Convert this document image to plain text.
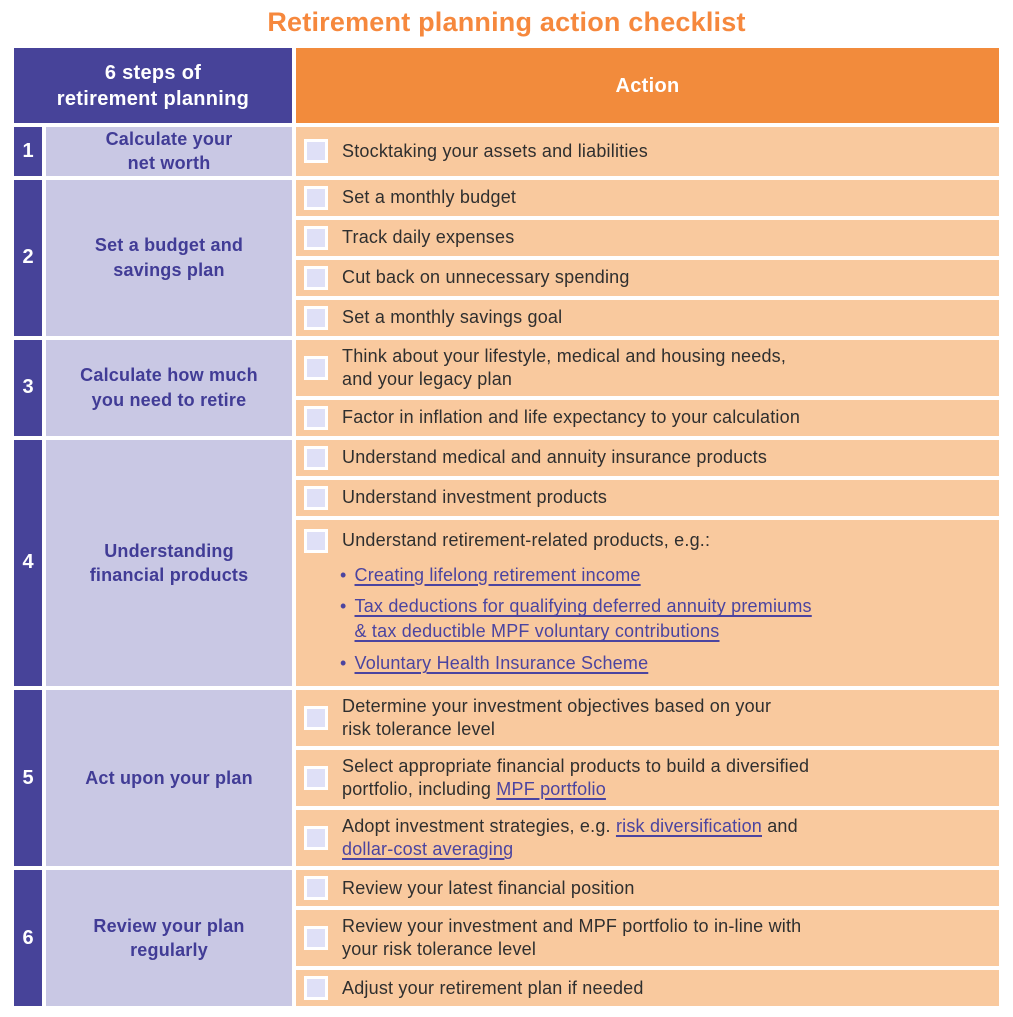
Retirement planning action checklist
6 steps of
retirement planning
Action
1
Calculate your
net worth
Stocktaking your assets and liabilities
2
Set a budget and
savings plan
Set a monthly budget
Track daily expenses
Cut back on unnecessary spending
Set a monthly savings goal
3
Calculate how much
you need to retire
Think about your lifestyle, medical and housing needs,
and your legacy plan
Factor in inflation and life expectancy to your calculation
4
Understanding
financial products
Understand medical and annuity insurance products
Understand investment products
Understand retirement-related products, e.g.:
• Creating lifelong retirement income
• Tax deductions for qualifying deferred annuity premiums
& tax deductible MPF voluntary contributions
• Voluntary Health Insurance Scheme
5	Act upon your plan
Determine your investment objectives based on your
risk tolerance level
Select appropriate financial products to build a diversified
portfolio, including MPF portfolio
Adopt investment strategies, e.g. risk diversification and
dollar-cost averaging
6
Review your plan
regularly
Review your latest financial position
Review your investment and MPF portfolio to in-line with
your risk tolerance level
Adjust your retirement plan if needed
